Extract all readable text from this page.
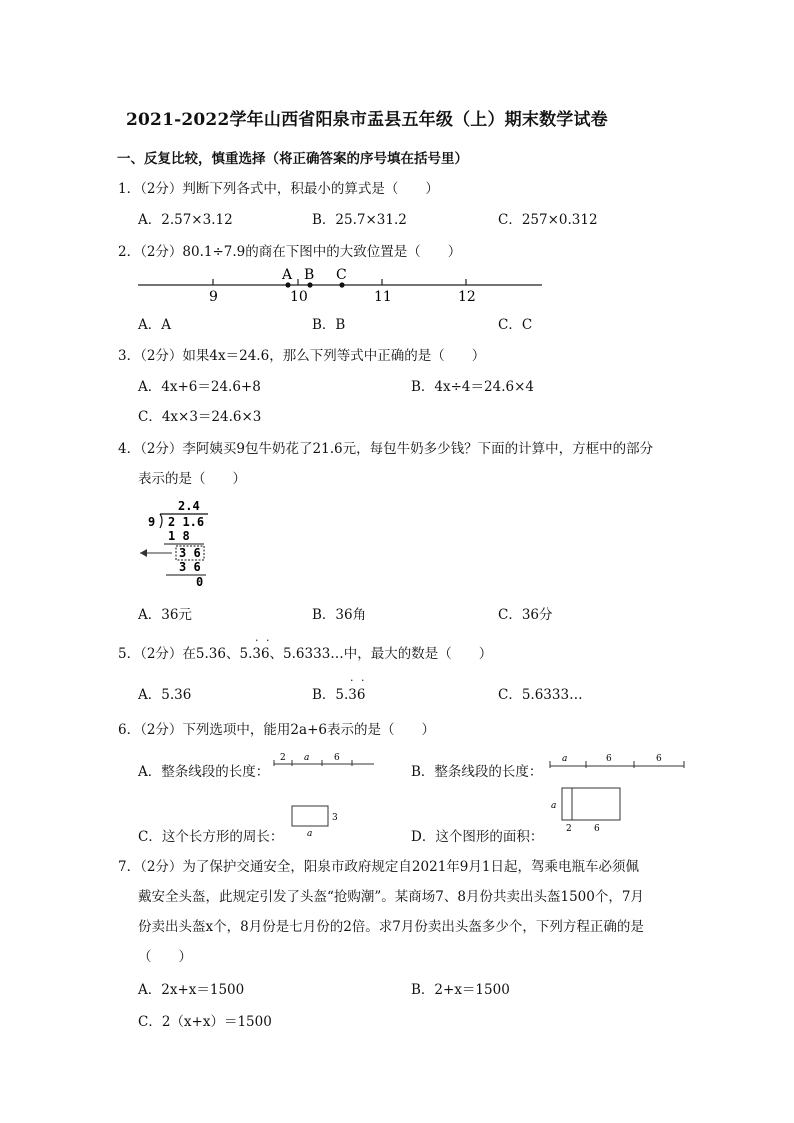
2021-2022学年山西省阳泉市盂县五年级（上）期末数学试卷
一、反复比较，慎重选择（将正确答案的序号填在括号里）
1．（2分）判断下列各式中，积最小的算式是（　　）
A．2.57×3.12	B．25.7×31.2	C．257×0.312
2．（2分）80.1÷7.9的商在下图中的大致位置是（　　）
A B C
9	10	11	12
A．A	B．B	C．C
3．（2分）如果4x＝24.6，那么下列等式中正确的是（　　）
A．4x+6＝24.6+8	B．4x÷4＝24.6×4
C．4x×3＝24.6×3
4．（2分）李阿姨买9包牛奶花了21.6元，每包牛奶多少钱？下面的计算中，方框中的部分
表示的是（　　）
2.4
9 2 1.6
1 8
3 6
3 6
0
A．36元	B．36角	C．36分
5．（2分）在5.36、5.36、5.6333…中，最大的数是（　　）
· ·
A．5.36	B．5.36
· ·
C．5.6333…
6．（2分）下列选项中，能用2a+6表示的是（　　）
A．整条线段的长度：
2 a	6
B．整条线段的长度：
a	6	6
C．这个长方形的周长：
3
a	D．这个图形的面积：
a
2 6
7．（2分）为了保护交通安全，阳泉市政府规定自2021年9月1日起，驾乘电瓶车必须佩
戴安全头盔，此规定引发了头盔“抢购潮”。某商场7、8月份共卖出头盔1500个，7月
份卖出头盔x个，8月份是七月份的2倍。求7月份卖出头盔多少个，下列方程正确的是
（　　）
A．2x+x＝1500	B．2+x＝1500
C．2（x+x）＝1500
